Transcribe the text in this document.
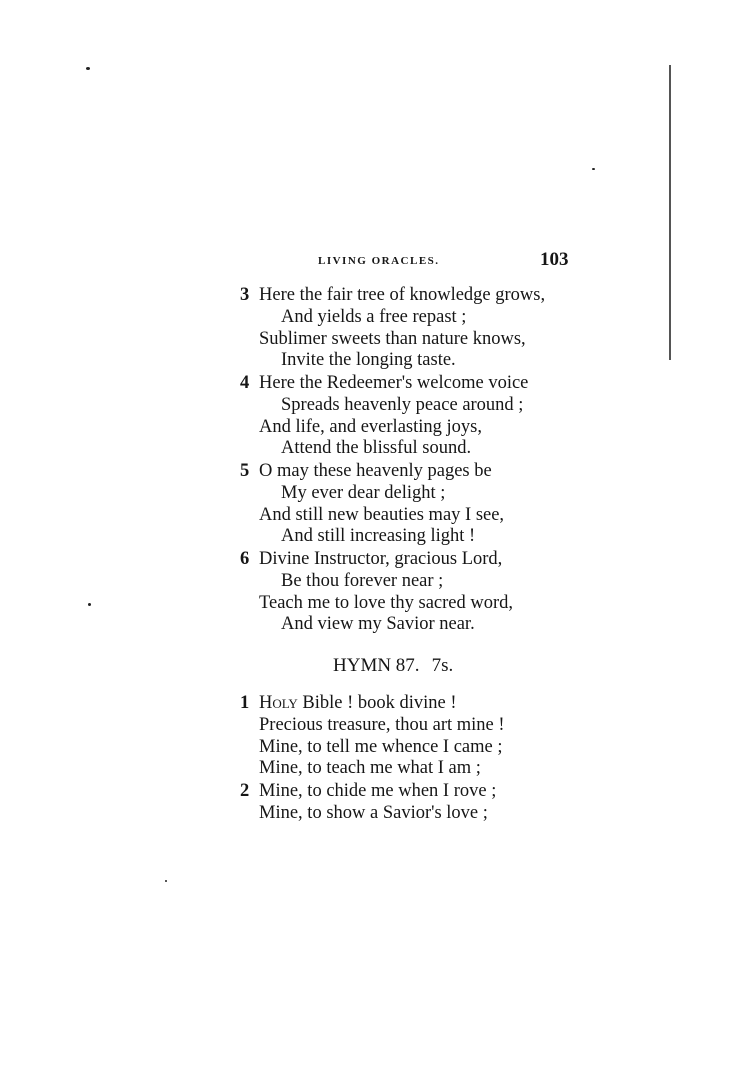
LIVING ORACLES.	103
3 Here the fair tree of knowledge grows,
And yields a free repast ;
Sublimer sweets than nature knows,
Invite the longing taste.
4 Here the Redeemer's welcome voice
Spreads heavenly peace around ;
And life, and everlasting joys,
Attend the blissful sound.
5 O may these heavenly pages be
My ever dear delight ;
And still new beauties may I see,
And still increasing light !
6 Divine Instructor, gracious Lord,
Be thou forever near ;
Teach me to love thy sacred word,
And view my Savior near.
HYMN 87. 7s.
1 Holy Bible ! book divine !
Precious treasure, thou art mine !
Mine, to tell me whence I came ;
Mine, to teach me what I am ;
2 Mine, to chide me when I rove ;
Mine, to show a Savior's love ;
